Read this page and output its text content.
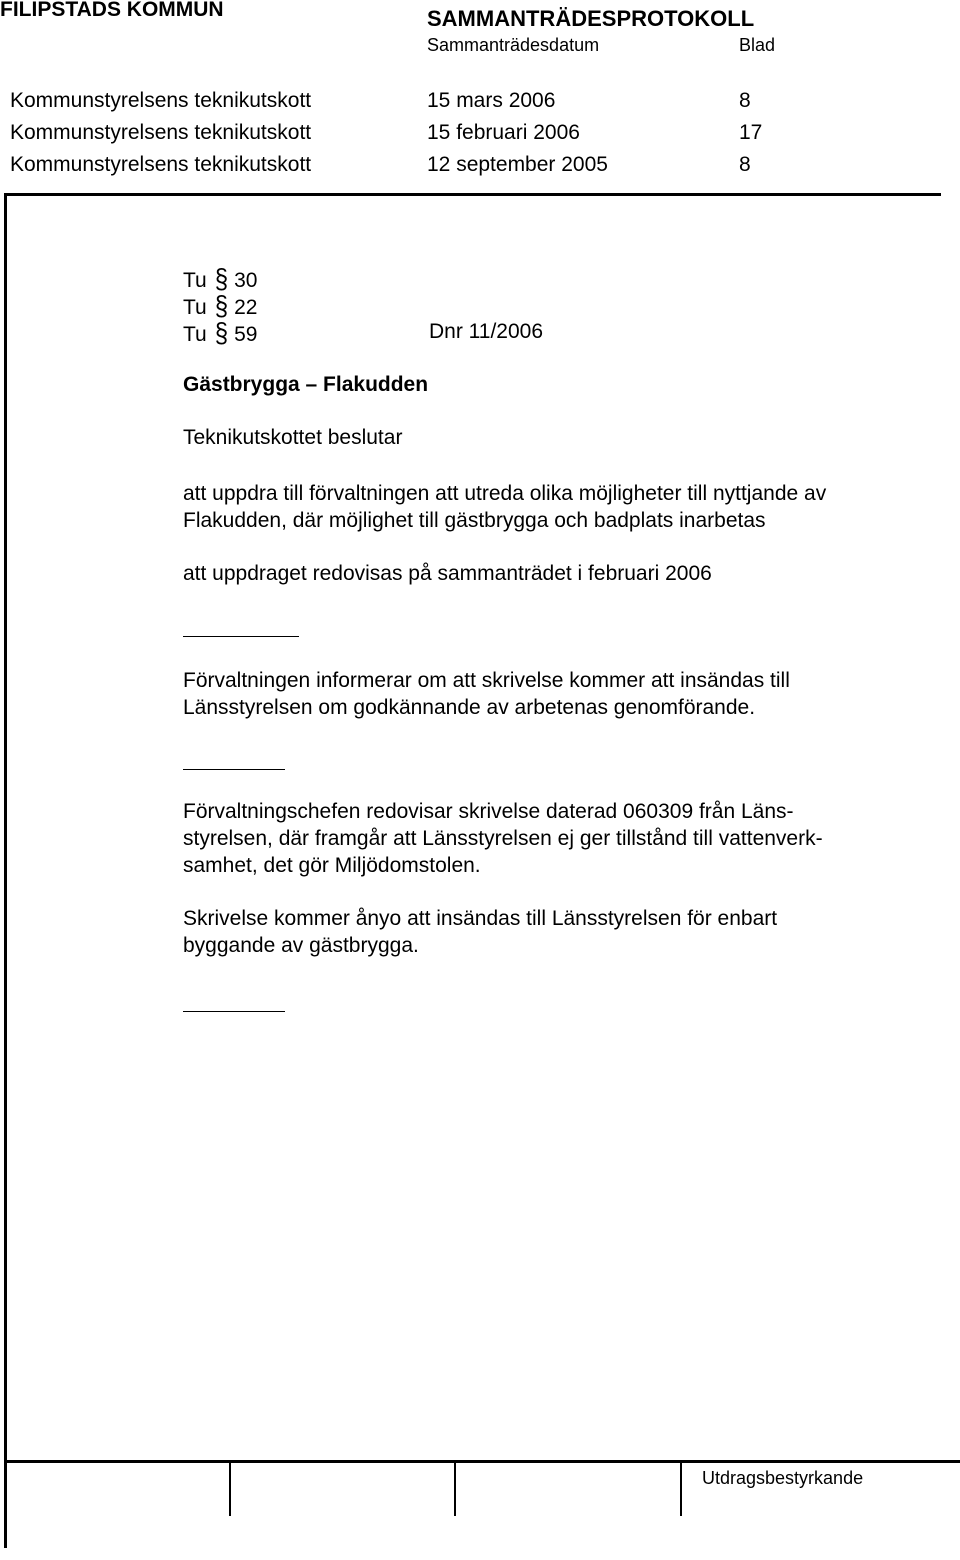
FILIPSTADS KOMMUN	SAMMANTRÄDESPROTOKOLL
Sammanträdesdatum	Blad
Kommunstyrelsens teknikutskott	15 mars 2006	8
Kommunstyrelsens teknikutskott	15 februari 2006	17
Kommunstyrelsens teknikutskott	12 september 2005	8
Tu § 30
Tu § 22
Tu § 59	Dnr 11/2006
Gästbrygga – Flakudden
Teknikutskottet beslutar

att uppdra till förvaltningen att utreda olika möjligheter till nyttjande av

Flakudden, där möjlighet till gästbrygga och badplats inarbetas

att uppdraget redovisas på sammanträdet i februari 2006

Förvaltningen informerar om att skrivelse kommer att insändas till

Länsstyrelsen om godkännande av arbetenas genomförande.

Förvaltningschefen redovisar skrivelse daterad 060309 från Läns-

styrelsen, där framgår att Länsstyrelsen ej ger tillstånd till vattenverk-

samhet, det gör Miljödomstolen.

Skrivelse kommer ånyo att insändas till Länsstyrelsen för enbart

byggande av gästbrygga.

Utdragsbestyrkande
